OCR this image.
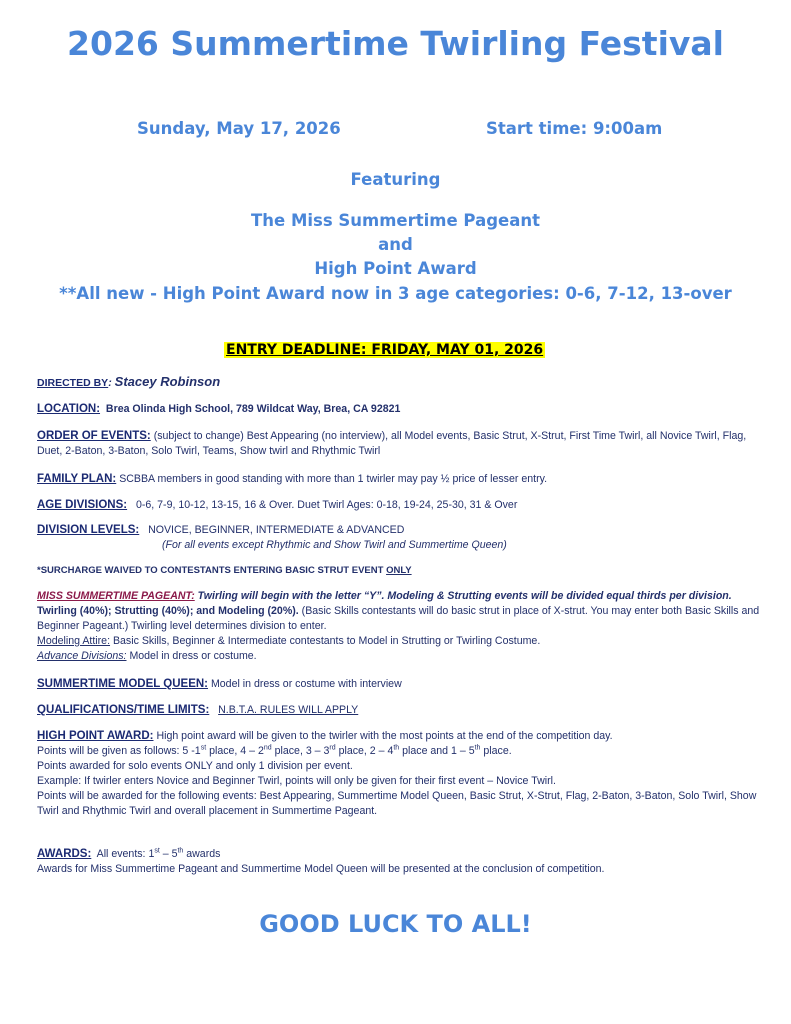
2026 Summertime Twirling Festival
Sunday, May 17, 2026	Start time: 9:00am
Featuring
The Miss Summertime Pageant
and
High Point Award
**All new - High Point Award now in 3 age categories: 0-6, 7-12, 13-over
ENTRY DEADLINE: FRIDAY, MAY 01, 2026
DIRECTED BY: Stacey Robinson
LOCATION: Brea Olinda High School, 789 Wildcat Way, Brea, CA 92821
ORDER OF EVENTS: (subject to change) Best Appearing (no interview), all Model events, Basic Strut, X-Strut, First Time Twirl, all Novice Twirl, Flag, Duet, 2-Baton, 3-Baton, Solo Twirl, Teams, Show twirl and Rhythmic Twirl
FAMILY PLAN: SCBBA members in good standing with more than 1 twirler may pay ½ price of lesser entry.
AGE DIVISIONS: 0-6, 7-9, 10-12, 13-15, 16 & Over. Duet Twirl Ages: 0-18, 19-24, 25-30, 31 & Over
DIVISION LEVELS: NOVICE, BEGINNER, INTERMEDIATE & ADVANCED
(For all events except Rhythmic and Show Twirl and Summertime Queen)
*SURCHARGE WAIVED TO CONTESTANTS ENTERING BASIC STRUT EVENT ONLY
MISS SUMMERTIME PAGEANT: Twirling will begin with the letter “Y”. Modeling & Strutting events will be divided equal thirds per division.
Twirling (40%); Strutting (40%); and Modeling (20%). (Basic Skills contestants will do basic strut in place of X-strut. You may enter both Basic Skills and Beginner Pageant.) Twirling level determines division to enter.
Modeling Attire: Basic Skills, Beginner & Intermediate contestants to Model in Strutting or Twirling Costume.
Advance Divisions: Model in dress or costume.
SUMMERTIME MODEL QUEEN: Model in dress or costume with interview
QUALIFICATIONS/TIME LIMITS: N.B.T.A. RULES WILL APPLY
HIGH POINT AWARD: High point award will be given to the twirler with the most points at the end of the competition day.
Points will be given as follows: 5 -1st place, 4 – 2nd place, 3 – 3rd place, 2 – 4th place and 1 – 5th place.
Points awarded for solo events ONLY and only 1 division per event.
Example: If twirler enters Novice and Beginner Twirl, points will only be given for their first event – Novice Twirl.
Points will be awarded for the following events: Best Appearing, Summertime Model Queen, Basic Strut, X-Strut, Flag, 2-Baton, 3-Baton, Solo Twirl, Show Twirl and Rhythmic Twirl and overall placement in Summertime Pageant.
AWARDS: All events: 1st – 5th awards
Awards for Miss Summertime Pageant and Summertime Model Queen will be presented at the conclusion of competition.
GOOD LUCK TO ALL!
